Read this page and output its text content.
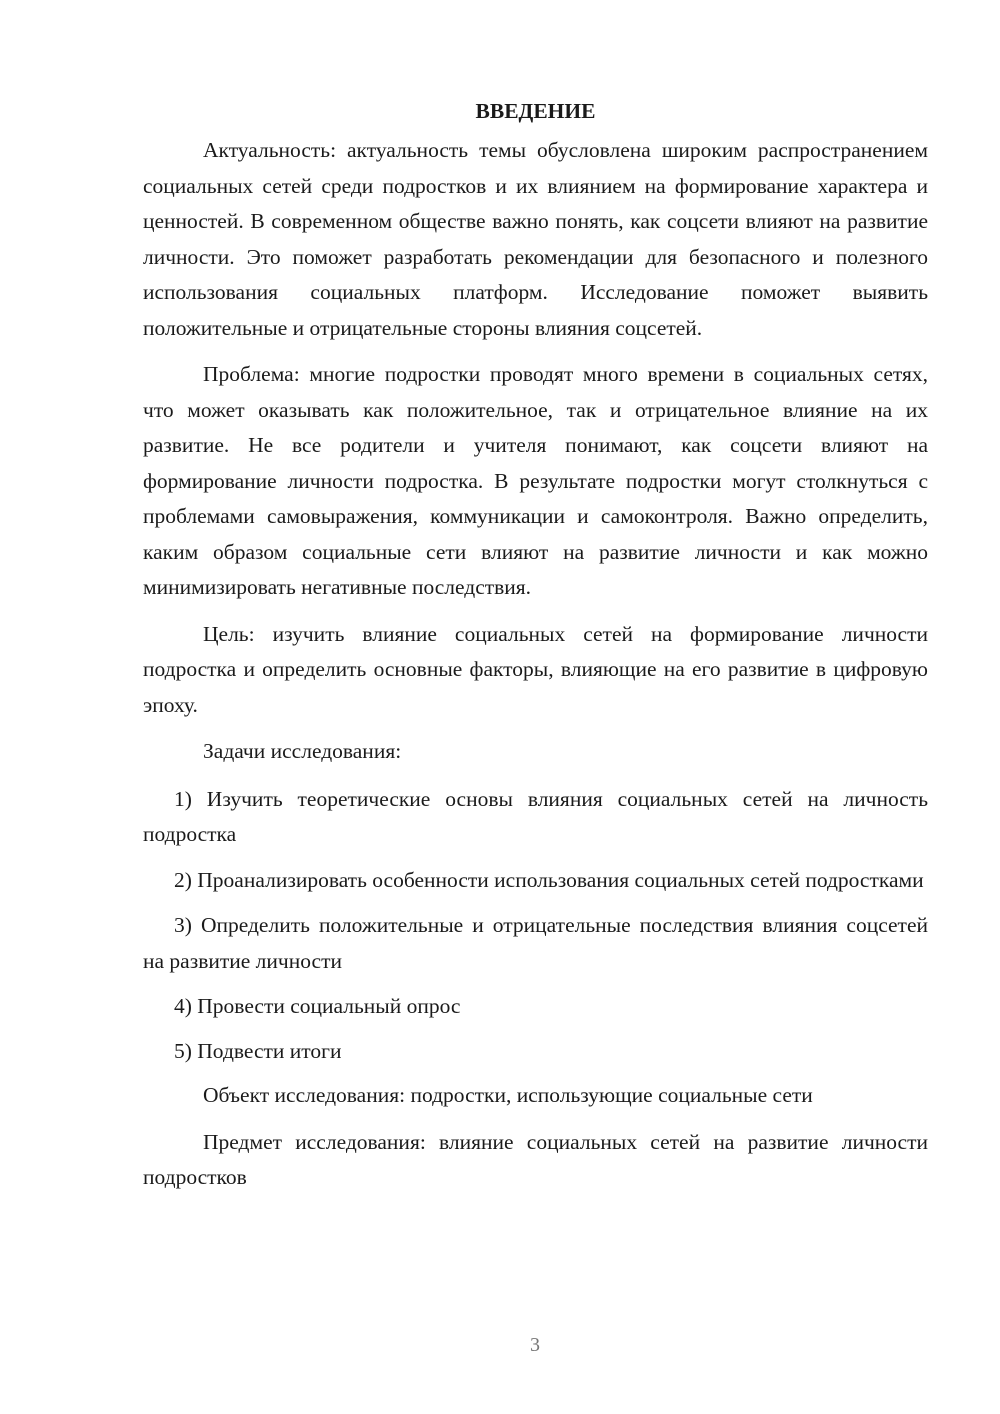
ВВЕДЕНИЕ

Актуальность: актуальность темы обусловлена широким распространением социальных сетей среди подростков и их влиянием на формирование характера и ценностей. В современном обществе важно понять, как соцсети влияют на развитие личности. Это поможет разработать рекомендации для безопасного и полезного использования социальных платформ. Исследование поможет выявить положительные и отрицательные стороны влияния соцсетей.

Проблема: многие подростки проводят много времени в социальных сетях, что может оказывать как положительное, так и отрицательное влияние на их развитие. Не все родители и учителя понимают, как соцсети влияют на формирование личности подростка. В результате подростки могут столкнуться с проблемами самовыражения, коммуникации и самоконтроля. Важно определить, каким образом социальные сети влияют на развитие личности и как можно минимизировать негативные последствия.

Цель: изучить влияние социальных сетей на формирование личности подростка и определить основные факторы, влияющие на его развитие в цифровую эпоху.

Задачи исследования:

1) Изучить теоретические основы влияния социальных сетей на личность подростка

2) Проанализировать особенности использования социальных сетей подростками

3) Определить положительные и отрицательные последствия влияния соцсетей на развитие личности

4) Провести социальный опрос

5) Подвести итоги

Объект исследования: подростки, использующие социальные сети

Предмет исследования: влияние социальных сетей на развитие личности подростков

3
